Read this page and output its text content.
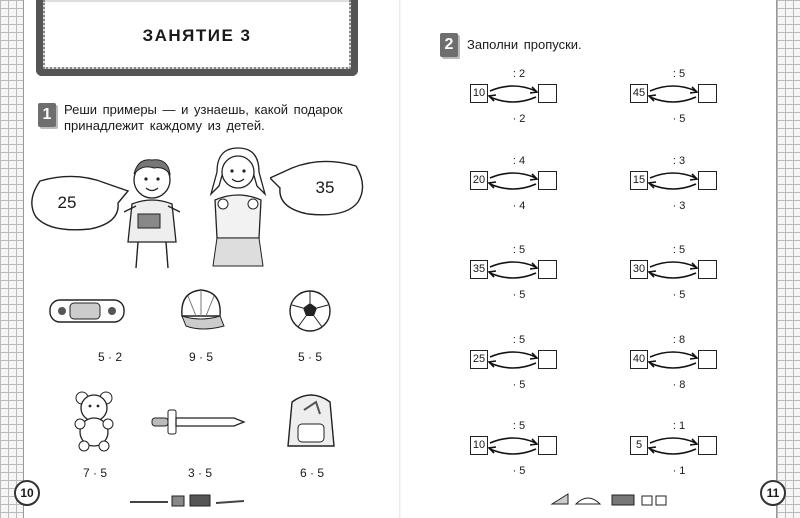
ЗАНЯТИЕ 3
1 Реши примеры — и узнаешь, какой подарок
принадлежит каждому из детей.
25
35
5 · 2	9 · 5	5 · 5
7 · 5	3 · 5	6 · 5
10
2	Заполни пропуски.
: 2
10
· 2
: 5
45
· 5
: 4
20
· 4
: 3
15
· 3
: 5
35
· 5
: 5
30
· 5
: 5
25
· 5
: 8
40
· 8
: 5
10
· 5
: 1
5
· 1
11
